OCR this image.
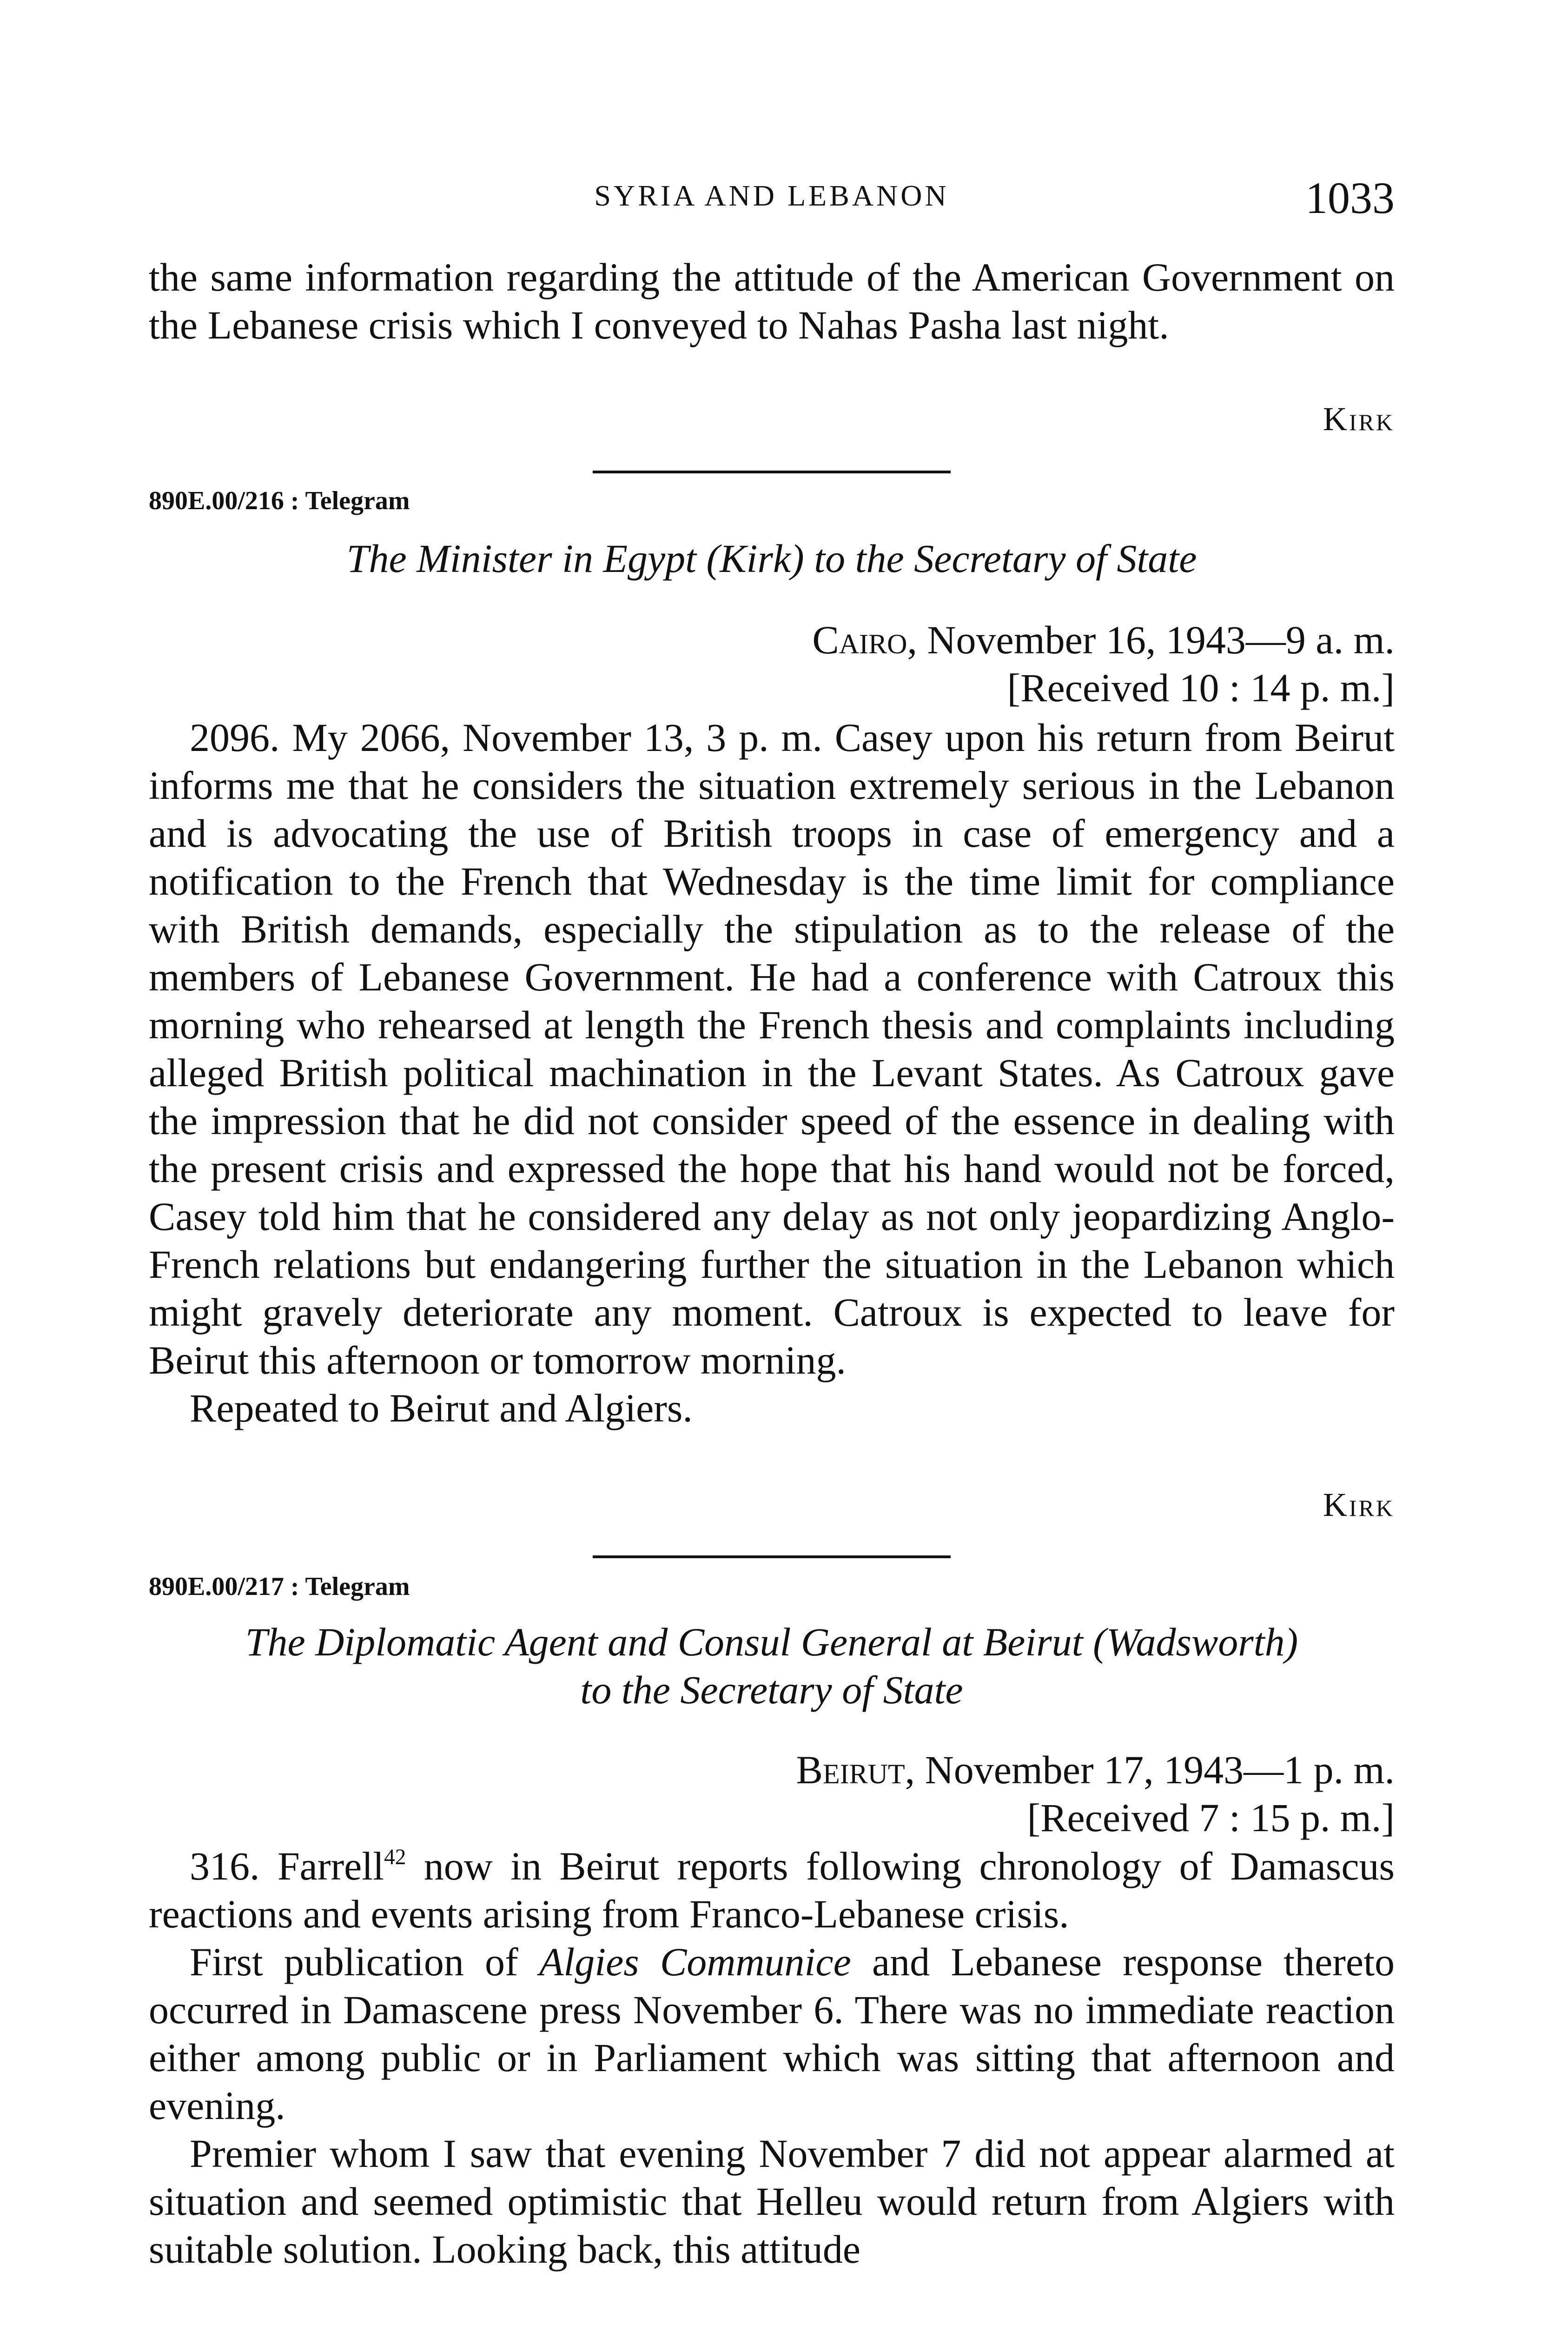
SYRIA AND LEBANON	1033

the same information regarding the attitude of the American Government on the Lebanese crisis which I conveyed to Nahas Pasha last night.

Kirk
890E.00/216 : Telegram
The Minister in Egypt (Kirk) to the Secretary of State
Cairo, November 16, 1943—9 a. m.
[Received 10 : 14 p. m.]

2096. My 2066, November 13, 3 p. m. Casey upon his return from Beirut informs me that he considers the situation extremely serious in the Lebanon and is advocating the use of British troops in case of emergency and a notification to the French that Wednesday is the time limit for compliance with British demands, especially the stipulation as to the release of the members of Lebanese Government. He had a conference with Catroux this morning who rehearsed at length the French thesis and complaints including alleged British political machination in the Levant States. As Catroux gave the impression that he did not consider speed of the essence in dealing with the present crisis and expressed the hope that his hand would not be forced, Casey told him that he considered any delay as not only jeopardizing Anglo-French relations but endangering further the situation in the Lebanon which might gravely deteriorate any moment. Catroux is expected to leave for Beirut this afternoon or tomorrow morning.

Repeated to Beirut and Algiers.

Kirk
890E.00/217 : Telegram
The Diplomatic Agent and Consul General at Beirut (Wadsworth)
to the Secretary of State
Beirut, November 17, 1943—1 p. m.
[Received 7 : 15 p. m.]

316. Farrell$^{42}$ now in Beirut reports following chronology of Damascus reactions and events arising from Franco-Lebanese crisis.

First publication of Algies Communice and Lebanese response thereto occurred in Damascene press November 6. There was no immediate reaction either among public or in Parliament which was sitting that afternoon and evening.

Premier whom I saw that evening November 7 did not appear alarmed at situation and seemed optimistic that Helleu would return from Algiers with suitable solution. Looking back, this attitude
